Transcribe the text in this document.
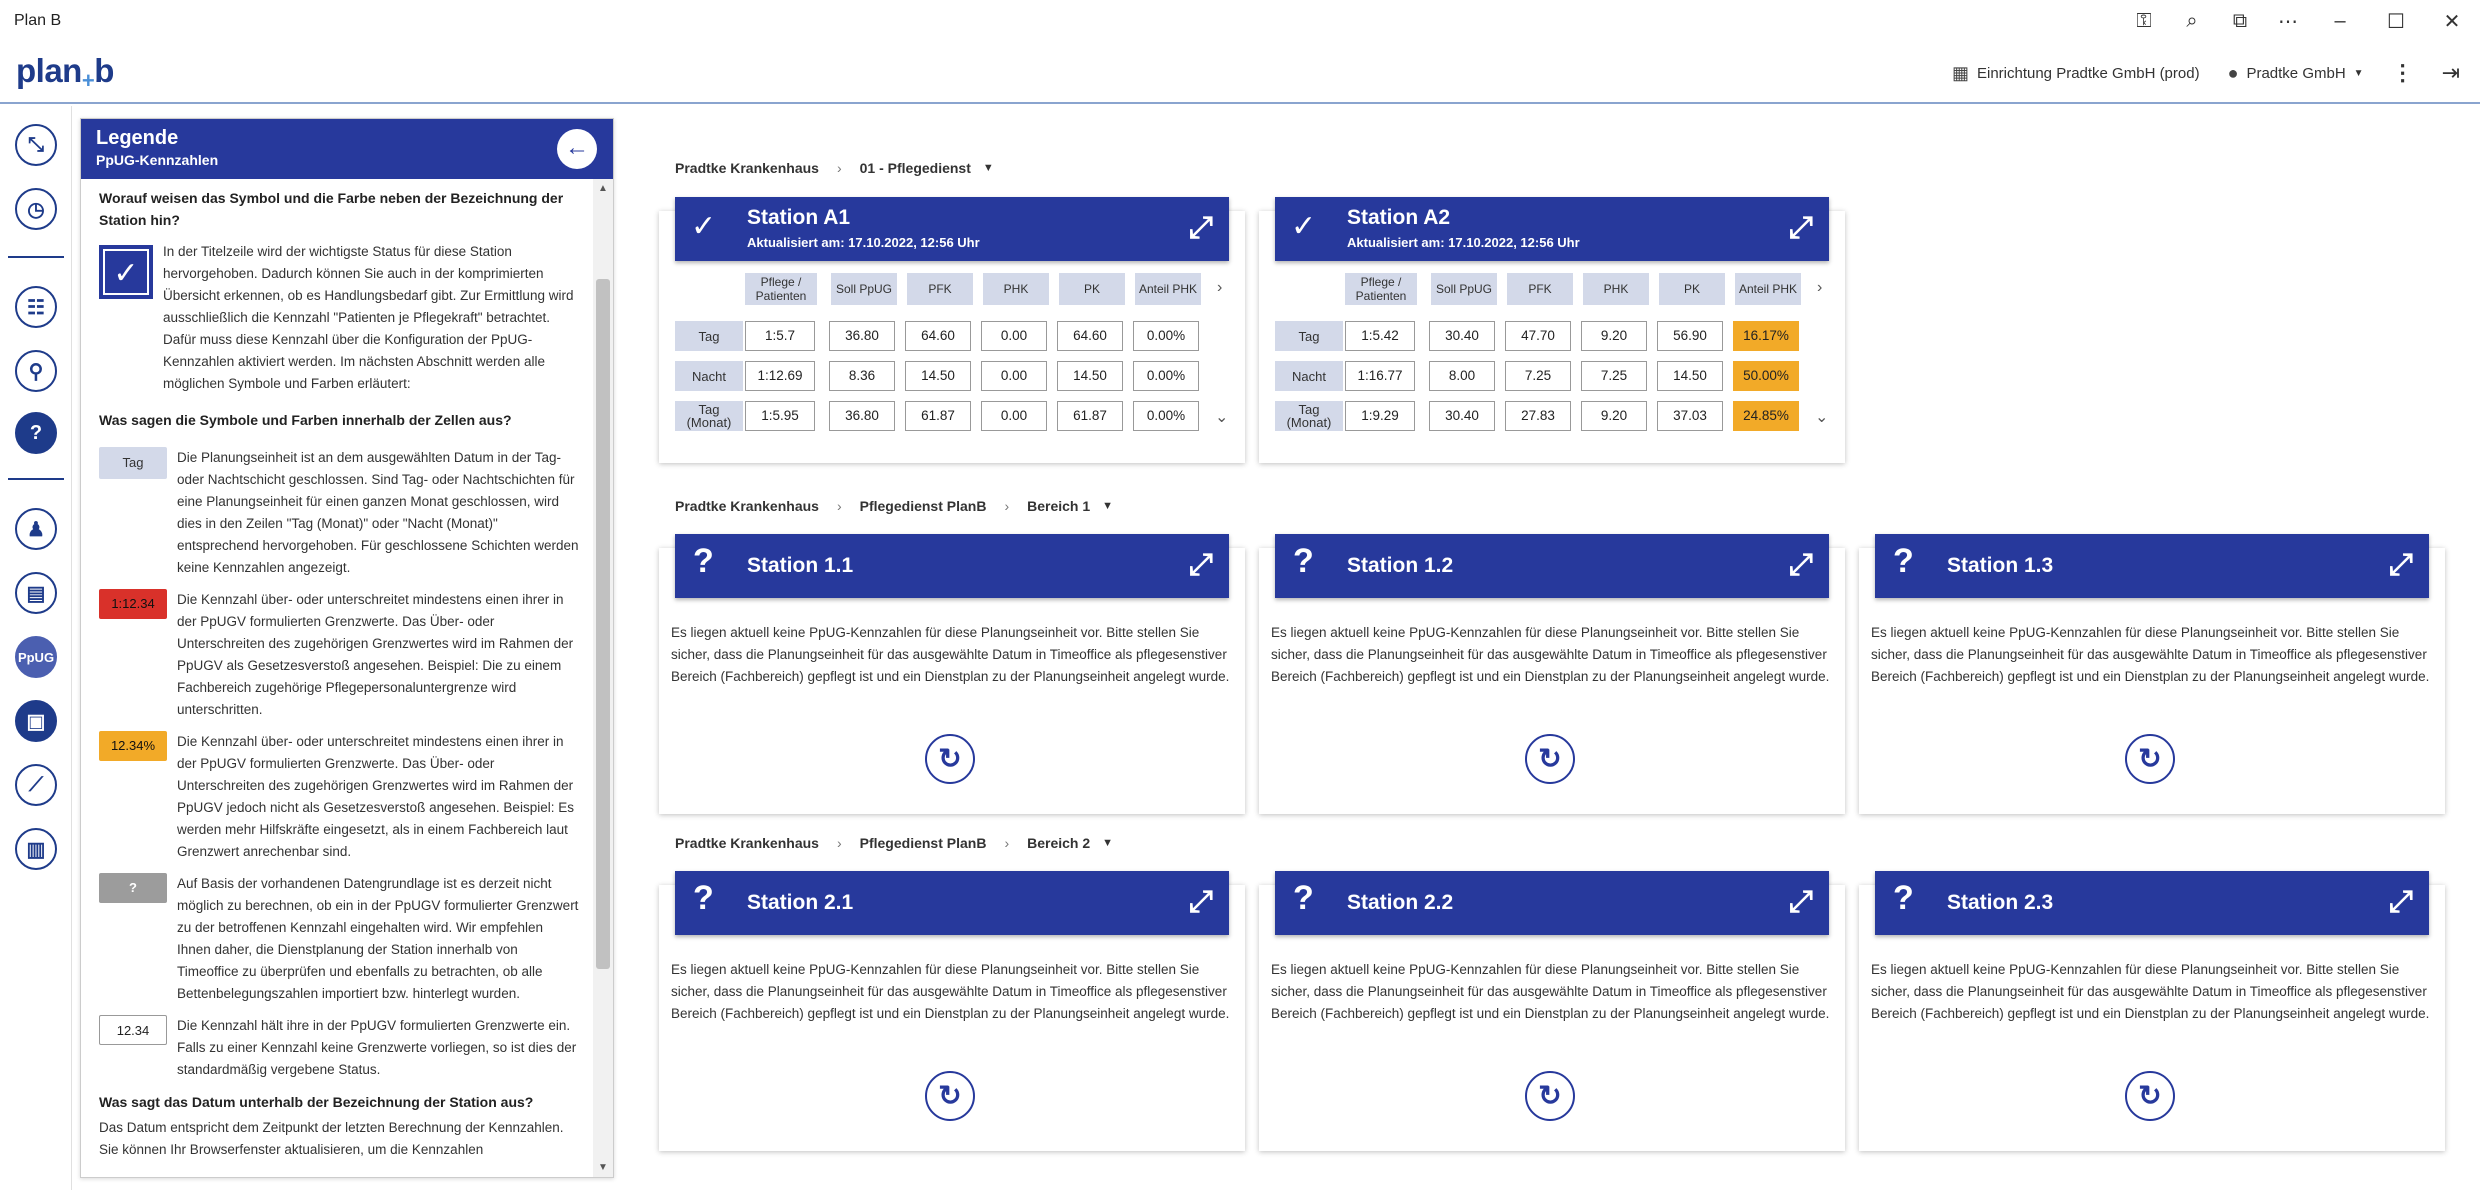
Plan B	⚿	⌕	⧉	⋯	–	☐	✕
plan+b	▦ Einrichtung Pradtke GmbH (prod) ● Pradtke GmbH ▼ ⋮ ⇥
⤡
◷
☷
⚲
?
♟
▤
PpUG
▣
⟋
▥
Legende
PpUG-Kennzahlen	←
Worauf weisen das Symbol und die Farbe neben der Bezeichnung der Station hin?
✓
In der Titelzeile wird der wichtigste Status für diese Station hervorgehoben. Dadurch können Sie auch in der komprimierten Übersicht erkennen, ob es Handlungsbedarf gibt. Zur Ermittlung wird ausschließlich die Kennzahl "Patienten je Pflegekraft" betrachtet. Dafür muss diese Kennzahl über die Konfiguration der PpUG-Kennzahlen aktiviert werden. Im nächsten Abschnitt werden alle möglichen Symbole und Farben erläutert:
Was sagen die Symbole und Farben innerhalb der Zellen aus?
Tag	Die Planungseinheit ist an dem ausgewählten Datum in der Tag- oder Nachtschicht geschlossen. Sind Tag- oder Nachtschichten für eine Planungseinheit für einen ganzen Monat geschlossen, wird dies in den Zeilen "Tag (Monat)" oder "Nacht (Monat)" entsprechend hervorgehoben. Für geschlossene Schichten werden keine Kennzahlen angezeigt.
1:12.34	Die Kennzahl über- oder unterschreitet mindestens einen ihrer in der PpUGV formulierten Grenzwerte. Das Über- oder Unterschreiten des zugehörigen Grenzwertes wird im Rahmen der PpUGV als Gesetzesverstoß angesehen. Beispiel: Die zu einem Fachbereich zugehörige Pflegepersonaluntergrenze wird unterschritten.
12.34%	Die Kennzahl über- oder unterschreitet mindestens einen ihrer in der PpUGV formulierten Grenzwerte. Das Über- oder Unterschreiten des zugehörigen Grenzwertes wird im Rahmen der PpUGV jedoch nicht als Gesetzesverstoß angesehen. Beispiel: Es werden mehr Hilfskräfte eingesetzt, als in einem Fachbereich laut Grenzwert anrechenbar sind.
?	Auf Basis der vorhandenen Datengrundlage ist es derzeit nicht möglich zu berechnen, ob ein in der PpUGV formulierter Grenzwert zu der betroffenen Kennzahl eingehalten wird. Wir empfehlen Ihnen daher, die Dienstplanung der Station innerhalb von Timeoffice zu überprüfen und ebenfalls zu betrachten, ob alle Bettenbelegungszahlen importiert bzw. hinterlegt wurden.
12.34	Die Kennzahl hält ihre in der PpUGV formulierten Grenzwerte ein. Falls zu einer Kennzahl keine Grenzwerte vorliegen, so ist dies der standardmäßig vergebene Status.
Was sagt das Datum unterhalb der Bezeichnung der Station aus?
Das Datum entspricht dem Zeitpunkt der letzten Berechnung der Kennzahlen. Sie können Ihr Browserfenster aktualisieren, um die Kennzahlen
▲
▼
Pradtke Krankenhaus › 01 - Pflegedienst ▼
Pradtke Krankenhaus › Pflegedienst PlanB › Bereich 1 ▼
Pradtke Krankenhaus › Pflegedienst PlanB › Bereich 2 ▼
✓ Station A1
Aktualisiert am: 17.10.2022, 12:56 Uhr	⤢
Pflege / Patienten	Soll PpUG	PFK	PHK	PK	Anteil PHK ›
Tag	1:5.7	36.80	64.60	0.00	64.60	0.00%
Nacht	1:12.69	8.36	14.50	0.00	14.50	0.00%
Tag (Monat)	1:5.95	36.80	61.87	0.00	61.87	0.00%	⌄
✓ Station A2
Aktualisiert am: 17.10.2022, 12:56 Uhr	⤢
Pflege / Patienten	Soll PpUG	PFK	PHK	PK	Anteil PHK ›
Tag	1:5.42	30.40	47.70	9.20	56.90	16.17%
Nacht	1:16.77	8.00	7.25	7.25	14.50	50.00%
Tag (Monat)	1:9.29	30.40	27.83	9.20	37.03	24.85%	⌄
? Station 1.1	⤢
Es liegen aktuell keine PpUG-Kennzahlen für diese Planungseinheit vor. Bitte stellen Sie sicher, dass die Planungseinheit für das ausgewählte Datum in Timeoffice als pflegesenstiver Bereich (Fachbereich) gepflegt ist und ein Dienstplan zu der Planungseinheit angelegt wurde.
↻
? Station 1.2	⤢
Es liegen aktuell keine PpUG-Kennzahlen für diese Planungseinheit vor. Bitte stellen Sie sicher, dass die Planungseinheit für das ausgewählte Datum in Timeoffice als pflegesenstiver Bereich (Fachbereich) gepflegt ist und ein Dienstplan zu der Planungseinheit angelegt wurde.
↻
? Station 1.3	⤢
Es liegen aktuell keine PpUG-Kennzahlen für diese Planungseinheit vor. Bitte stellen Sie sicher, dass die Planungseinheit für das ausgewählte Datum in Timeoffice als pflegesenstiver Bereich (Fachbereich) gepflegt ist und ein Dienstplan zu der Planungseinheit angelegt wurde.
↻
? Station 2.1	⤢
Es liegen aktuell keine PpUG-Kennzahlen für diese Planungseinheit vor. Bitte stellen Sie sicher, dass die Planungseinheit für das ausgewählte Datum in Timeoffice als pflegesenstiver Bereich (Fachbereich) gepflegt ist und ein Dienstplan zu der Planungseinheit angelegt wurde.
↻
? Station 2.2	⤢
Es liegen aktuell keine PpUG-Kennzahlen für diese Planungseinheit vor. Bitte stellen Sie sicher, dass die Planungseinheit für das ausgewählte Datum in Timeoffice als pflegesenstiver Bereich (Fachbereich) gepflegt ist und ein Dienstplan zu der Planungseinheit angelegt wurde.
↻
? Station 2.3	⤢
Es liegen aktuell keine PpUG-Kennzahlen für diese Planungseinheit vor. Bitte stellen Sie sicher, dass die Planungseinheit für das ausgewählte Datum in Timeoffice als pflegesenstiver Bereich (Fachbereich) gepflegt ist und ein Dienstplan zu der Planungseinheit angelegt wurde.
↻
